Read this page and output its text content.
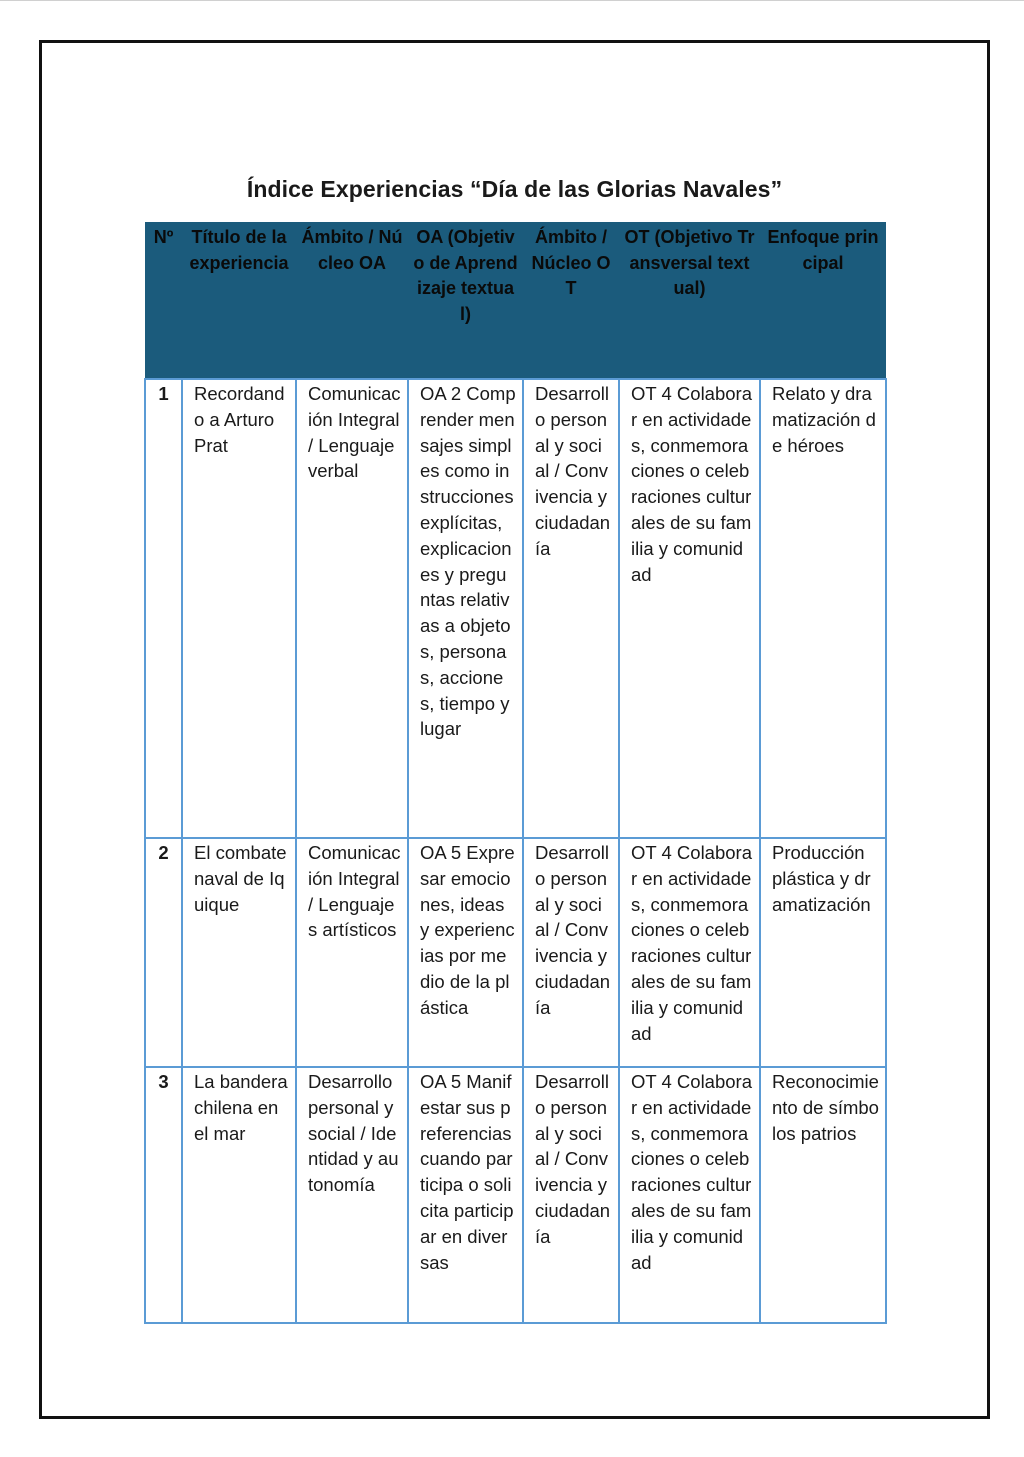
Índice Experiencias “Día de las Glorias Navales”
Nº	Título de la experiencia	Ámbito / Núcleo OA	OA (Objetivo de Aprendizaje textual)	Ámbito / Núcleo OT	OT (Objetivo Transversal textual)	Enfoque principal
1	Recordando a Arturo Prat	Comunicación Integral / Lenguaje verbal	OA 2 Comprender mensajes simples como instrucciones explícitas, explicaciones y preguntas relativas a objetos, personas, acciones, tiempo y lugar	Desarrollo personal y social / Convivencia y ciudadanía	OT 4 Colaborar en actividades, conmemoraciones o celebraciones culturales de su familia y comunidad	Relato y dramatización de héroes
2	El combate naval de Iquique	Comunicación Integral / Lenguajes artísticos	OA 5 Expresar emociones, ideas y experiencias por medio de la plástica	Desarrollo personal y social / Convivencia y ciudadanía	OT 4 Colaborar en actividades, conmemoraciones o celebraciones culturales de su familia y comunidad	Producción plástica y dramatización
3	La bandera chilena en el mar	Desarrollo personal y social / Identidad y autonomía	OA 5 Manifestar sus preferencias cuando participa o solicita participar en diversas	Desarrollo personal y social / Convivencia y ciudadanía	OT 4 Colaborar en actividades, conmemoraciones o celebraciones culturales de su familia y comunidad	Reconocimiento de símbolos patrios
